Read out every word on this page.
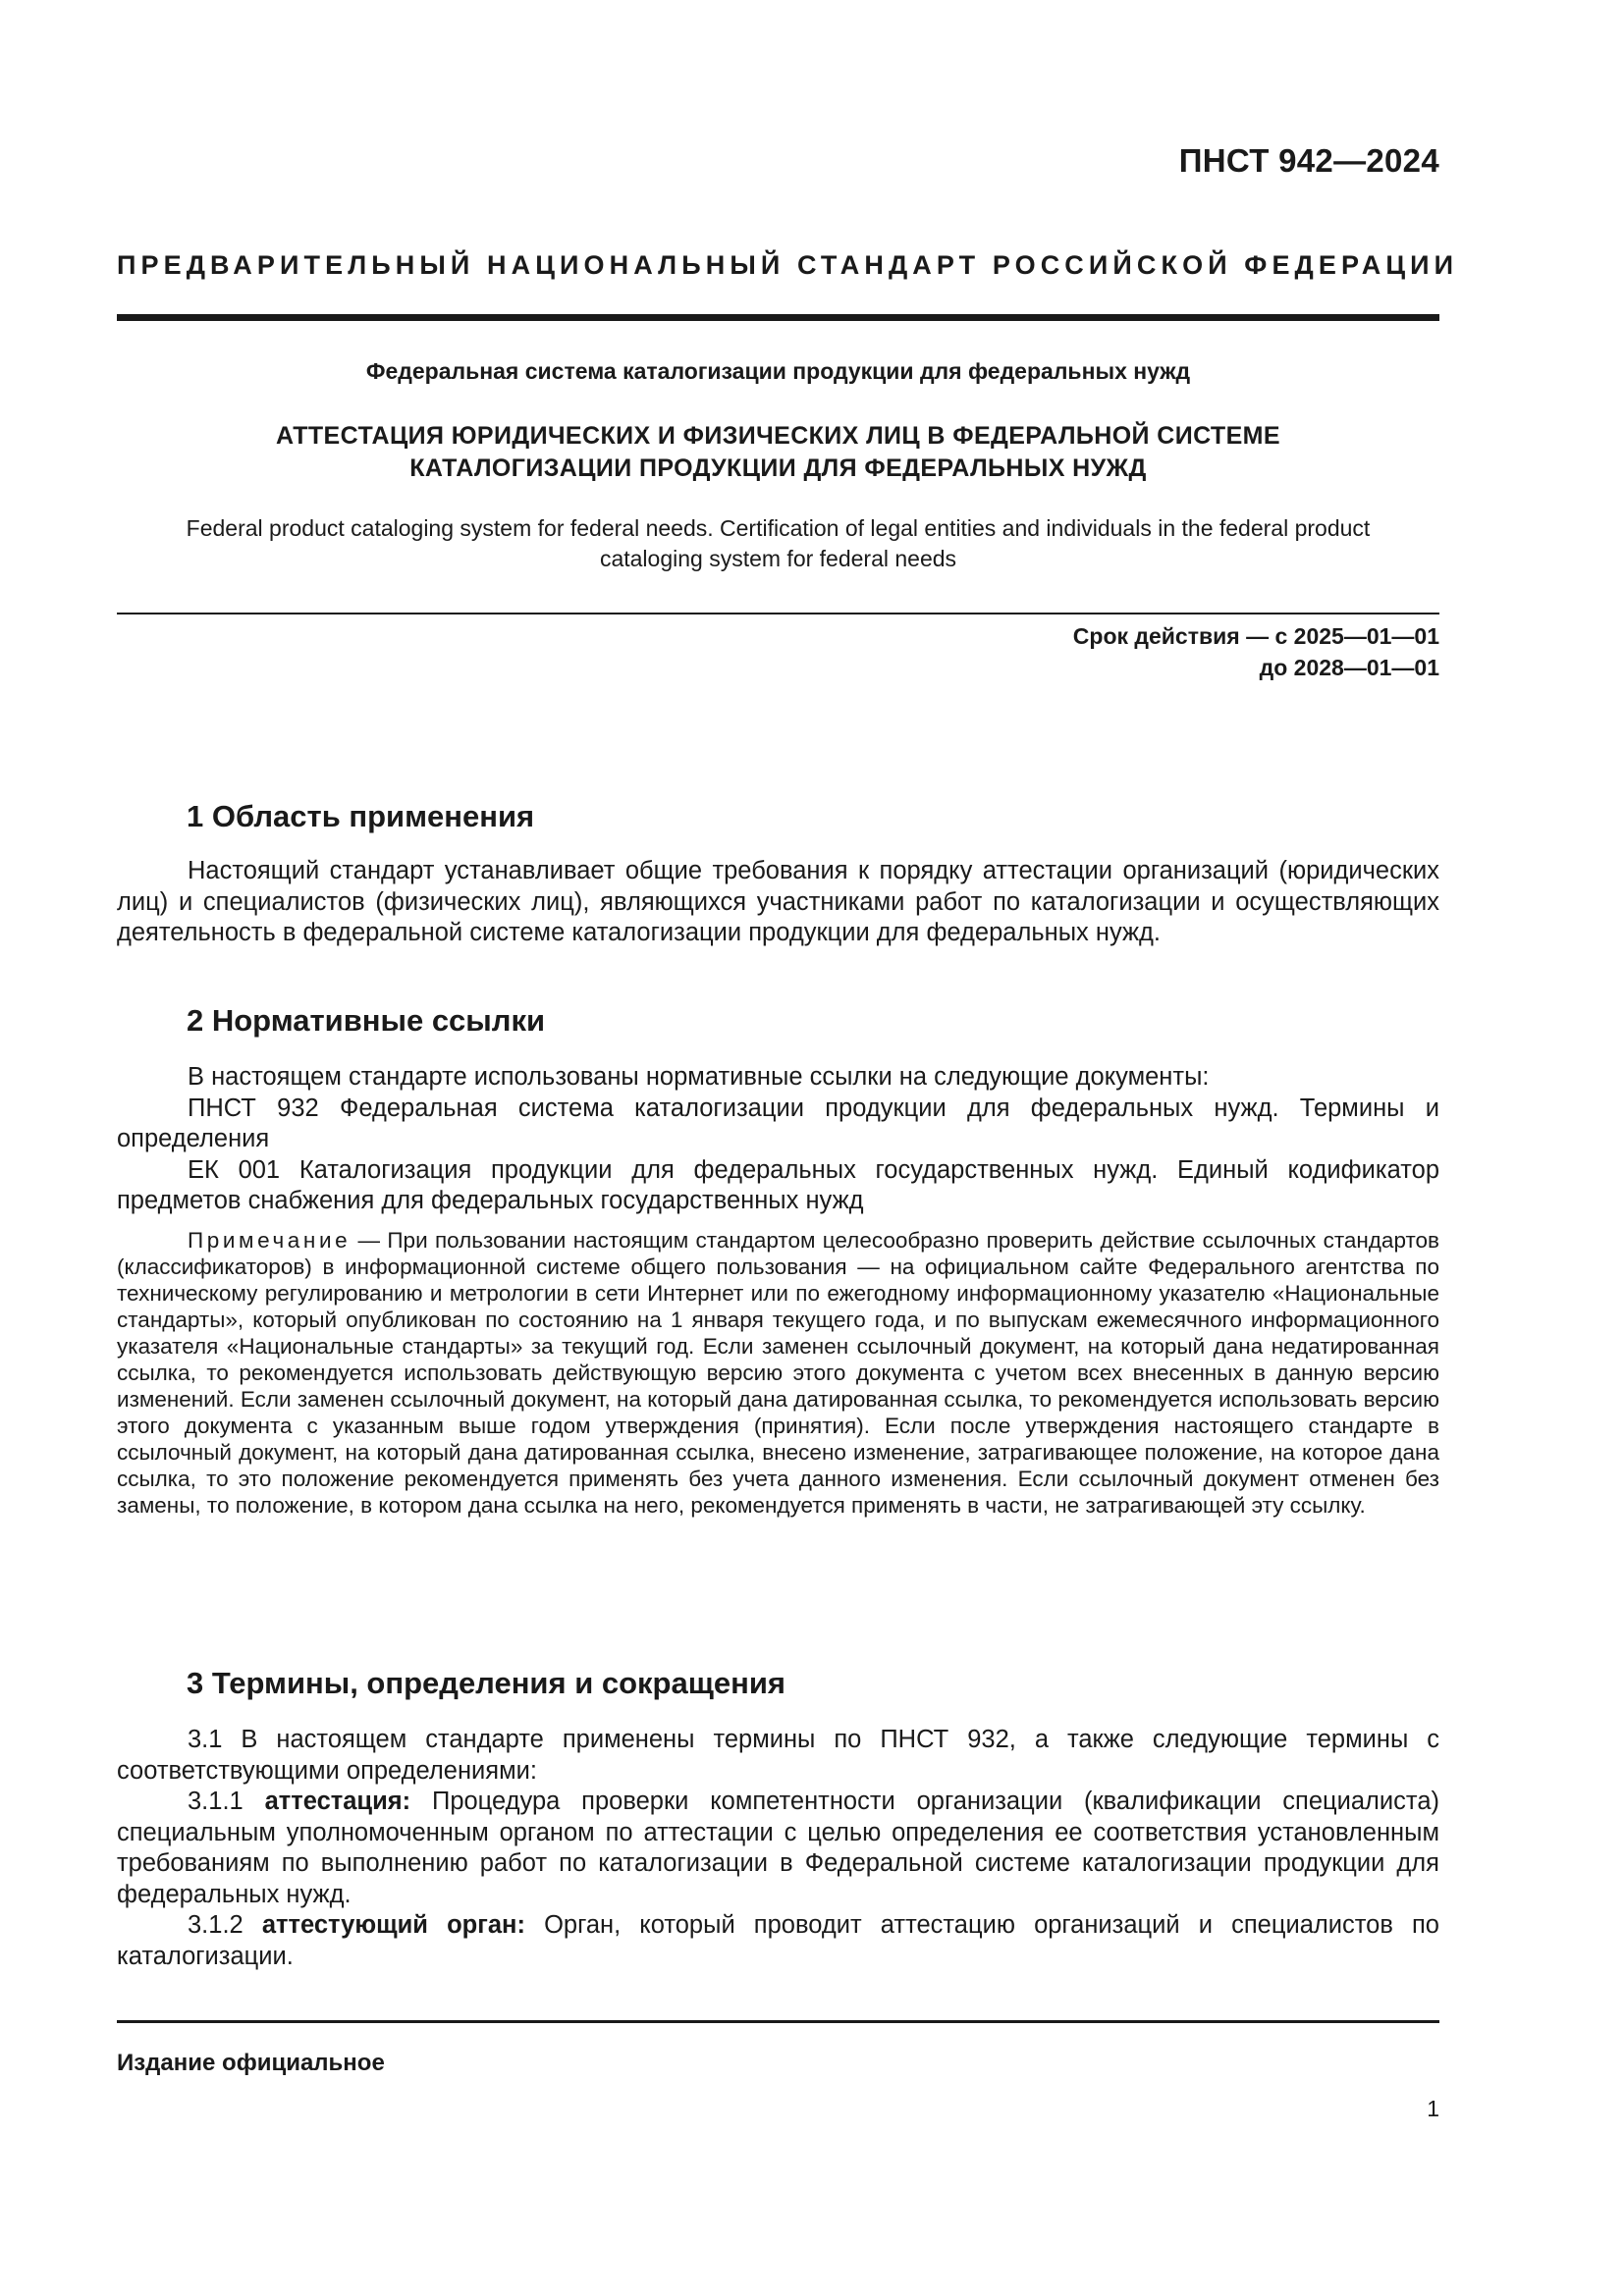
ПНСТ 942—2024
ПРЕДВАРИТЕЛЬНЫЙ НАЦИОНАЛЬНЫЙ СТАНДАРТ РОССИЙСКОЙ ФЕДЕРАЦИИ
Федеральная система каталогизации продукции для федеральных нужд
АТТЕСТАЦИЯ ЮРИДИЧЕСКИХ И ФИЗИЧЕСКИХ ЛИЦ В ФЕДЕРАЛЬНОЙ СИСТЕМЕ
КАТАЛОГИЗАЦИИ ПРОДУКЦИИ ДЛЯ ФЕДЕРАЛЬНЫХ НУЖД
Federal product cataloging system for federal needs. Certification of legal entities and individuals in the federal product
cataloging system for federal needs
Срок действия — с 2025—01—01
до 2028—01—01
1 Область применения

Настоящий стандарт устанавливает общие требования к порядку аттестации организаций (юридических лиц) и специалистов (физических лиц), являющихся участниками работ по каталогизации и осуществляющих деятельность в федеральной системе каталогизации продукции для федеральных нужд.

2 Нормативные ссылки

В настоящем стандарте использованы нормативные ссылки на следующие документы:

ПНСТ 932 Федеральная система каталогизации продукции для федеральных нужд. Термины и определения

ЕК 001 Каталогизация продукции для федеральных государственных нужд. Единый кодификатор предметов снабжения для федеральных государственных нужд

Примечание — При пользовании настоящим стандартом целесообразно проверить действие ссылочных стандартов (классификаторов) в информационной системе общего пользования — на официальном сайте Федерального агентства по техническому регулированию и метрологии в сети Интернет или по ежегодному информационному указателю «Национальные стандарты», который опубликован по состоянию на 1 января текущего года, и по выпускам ежемесячного информационного указателя «Национальные стандарты» за текущий год. Если заменен ссылочный документ, на который дана недатированная ссылка, то рекомендуется использовать действующую версию этого документа с учетом всех внесенных в данную версию изменений. Если заменен ссылочный документ, на который дана датированная ссылка, то рекомендуется использовать версию этого документа с указанным выше годом утверждения (принятия). Если после утверждения настоящего стандарте в ссылочный документ, на который дана датированная ссылка, внесено изменение, затрагивающее положение, на которое дана ссылка, то это положение рекомендуется применять без учета данного изменения. Если ссылочный документ отменен без замены, то положение, в котором дана ссылка на него, рекомендуется применять в части, не затрагивающей эту ссылку.

3 Термины, определения и сокращения

3.1 В настоящем стандарте применены термины по ПНСТ 932, а также следующие термины с соответствующими определениями:

3.1.1 аттестация: Процедура проверки компетентности организации (квалификации специалиста) специальным уполномоченным органом по аттестации с целью определения ее соответствия установленным требованиям по выполнению работ по каталогизации в Федеральной системе каталогизации продукции для федеральных нужд.

3.1.2 аттестующий орган: Орган, который проводит аттестацию организаций и специалистов по каталогизации.

Издание официальное
1
